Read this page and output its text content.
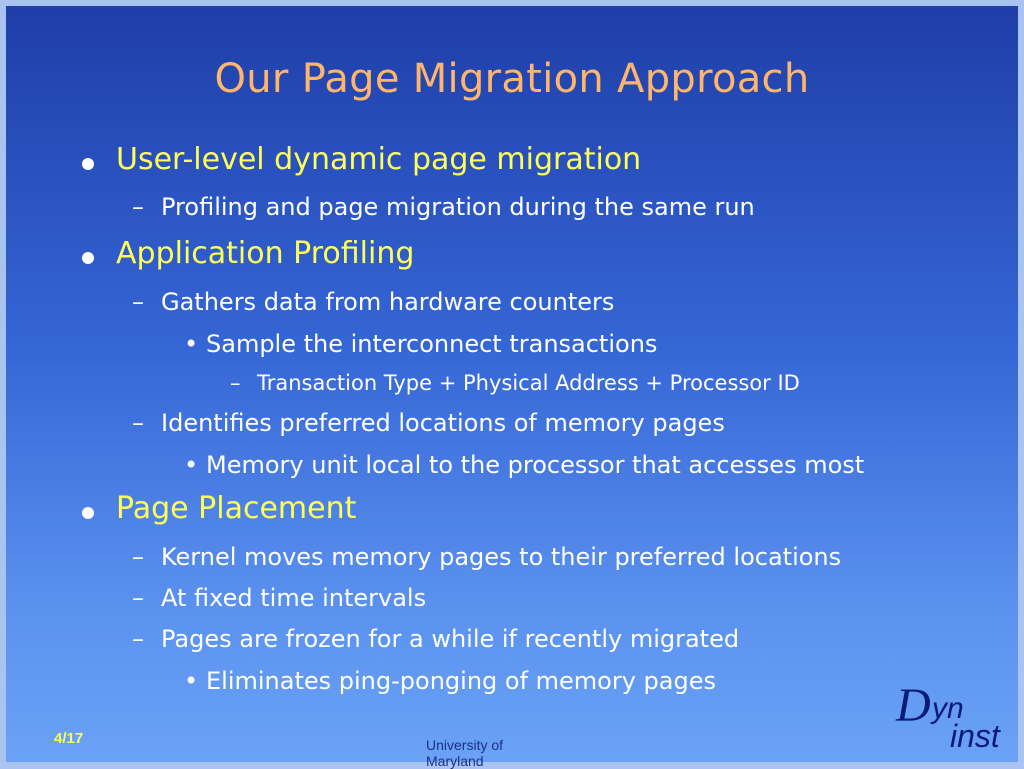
Our Page Migration Approach
User-level dynamic page migration
– Profiling and page migration during the same run
Application Profiling
– Gathers data from hardware counters
• Sample the interconnect transactions
– Transaction Type + Physical Address + Processor ID
– Identifies preferred locations of memory pages
• Memory unit local to the processor that accesses most
Page Placement
– Kernel moves memory pages to their preferred locations
– At fixed time intervals
– Pages are frozen for a while if recently migrated
• Eliminates ping-ponging of memory pages	D yn
inst
4/17	University of Maryland
